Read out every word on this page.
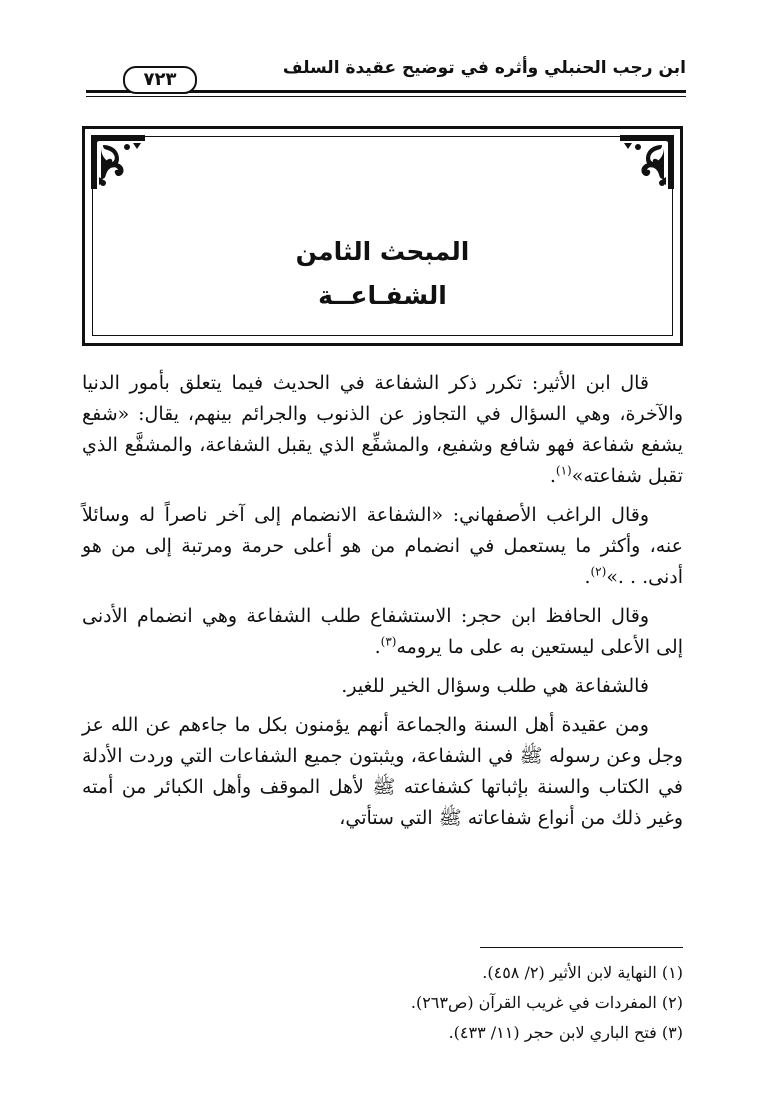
ابن رجب الحنبلي وأثره في توضيح عقيدة السلف
٧٢٣
المبحث الثامن
الشفـاعــة

قال ابن الأثير: تكرر ذكر الشفاعة في الحديث فيما يتعلق بأمور الدنيا والآخرة، وهي السؤال في التجاوز عن الذنوب والجرائم بينهم، يقال: «شفع يشفع شفاعة فهو شافع وشفيع، والمشفِّع الذي يقبل الشفاعة، والمشفَّع الذي تقبل شفاعته»$^{(١)}$.

وقال الراغب الأصفهاني: «الشفاعة الانضمام إلى آخر ناصراً له وسائلاً عنه، وأكثر ما يستعمل في انضمام من هو أعلى حرمة ومرتبة إلى من هو أدنى. . .»$^{(٢)}$.

وقال الحافظ ابن حجر: الاستشفاع طلب الشفاعة وهي انضمام الأدنى إلى الأعلى ليستعين به على ما يرومه$^{(٣)}$.

فالشفاعة هي طلب وسؤال الخير للغير.

ومن عقيدة أهل السنة والجماعة أنهم يؤمنون بكل ما جاءهم عن الله عز وجل وعن رسوله ﷺ في الشفاعة، ويثبتون جميع الشفاعات التي وردت الأدلة في الكتاب والسنة بإثباتها كشفاعته ﷺ لأهل الموقف وأهل الكبائر من أمته وغير ذلك من أنواع شفاعاته ﷺ التي ستأتي،

(١) النهاية لابن الأثير (٢/ ٤٥٨).

(٢) المفردات في غريب القرآن (ص٢٦٣).

(٣) فتح الباري لابن حجر (١١/ ٤٣٣).
